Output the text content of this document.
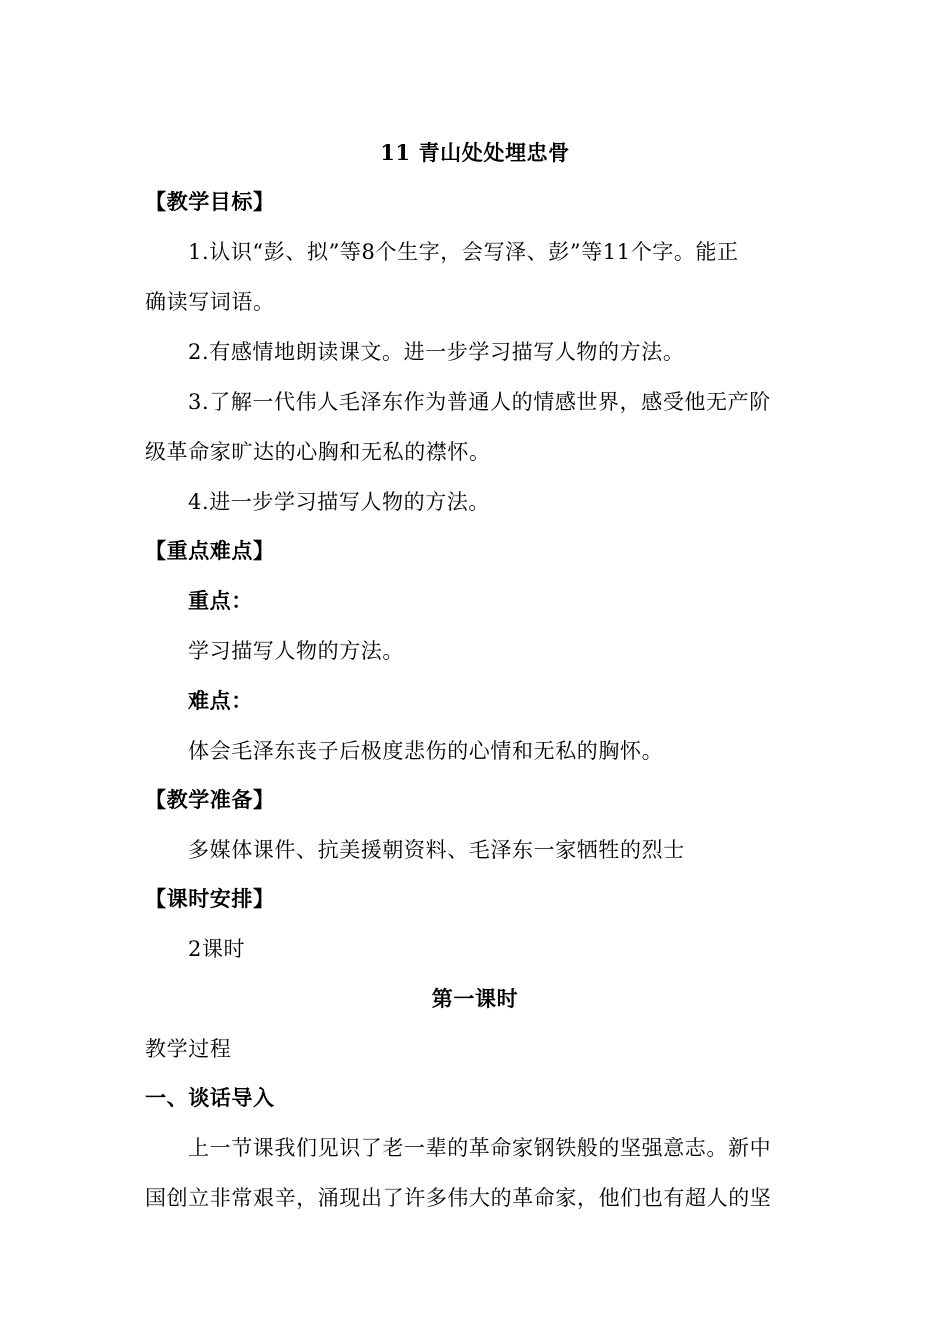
11 青山处处埋忠骨
【教学目标】
1.认识“彭、拟”等8个生字，会写泽、彭”等11个字。能正
确读写词语。
2.有感情地朗读课文。进一步学习描写人物的方法。
3.了解一代伟人毛泽东作为普通人的情感世界，感受他无产阶
级革命家旷达的心胸和无私的襟怀。
4.进一步学习描写人物的方法。
【重点难点】
重点：
学习描写人物的方法。
难点：
体会毛泽东丧子后极度悲伤的心情和无私的胸怀。
【教学准备】
多媒体课件、抗美援朝资料、毛泽东一家牺牲的烈士
【课时安排】
2课时
第一课时
教学过程
一、谈话导入
上一节课我们见识了老一辈的革命家钢铁般的坚强意志。新中
国创立非常艰辛，涌现出了许多伟大的革命家，他们也有超人的坚
